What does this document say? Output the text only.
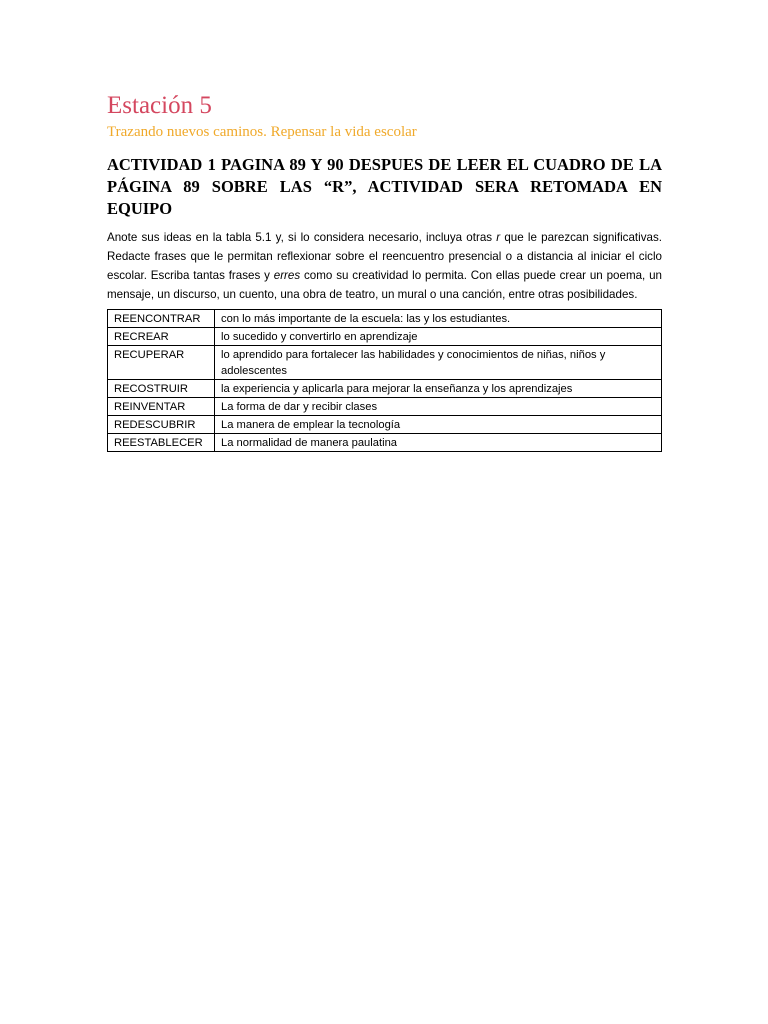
Estación 5
Trazando nuevos caminos. Repensar la vida escolar
ACTIVIDAD 1 PAGINA 89 Y 90 DESPUES DE LEER EL CUADRO DE LA PÁGINA 89 SOBRE LAS “R”, ACTIVIDAD SERA RETOMADA EN EQUIPO

Anote sus ideas en la tabla 5.1 y, si lo considera necesario, incluya otras r que le parezcan significativas. Redacte frases que le permitan reflexionar sobre el reencuentro presencial o a distancia al iniciar el ciclo escolar. Escriba tantas frases y erres como su creatividad lo permita. Con ellas puede crear un poema, un mensaje, un discurso, un cuento, una obra de teatro, un mural o una canción, entre otras posibilidades.

REENCONTRAR	con lo más importante de la escuela: las y los estudiantes.
RECREAR	lo sucedido y convertirlo en aprendizaje
RECUPERAR	lo aprendido para fortalecer las habilidades y conocimientos de niñas, niños y adolescentes
RECOSTRUIR	la experiencia y aplicarla para mejorar la enseñanza y los aprendizajes
REINVENTAR	La forma de dar y recibir clases
REDESCUBRIR	La manera de emplear la tecnología
REESTABLECER	La normalidad de manera paulatina
